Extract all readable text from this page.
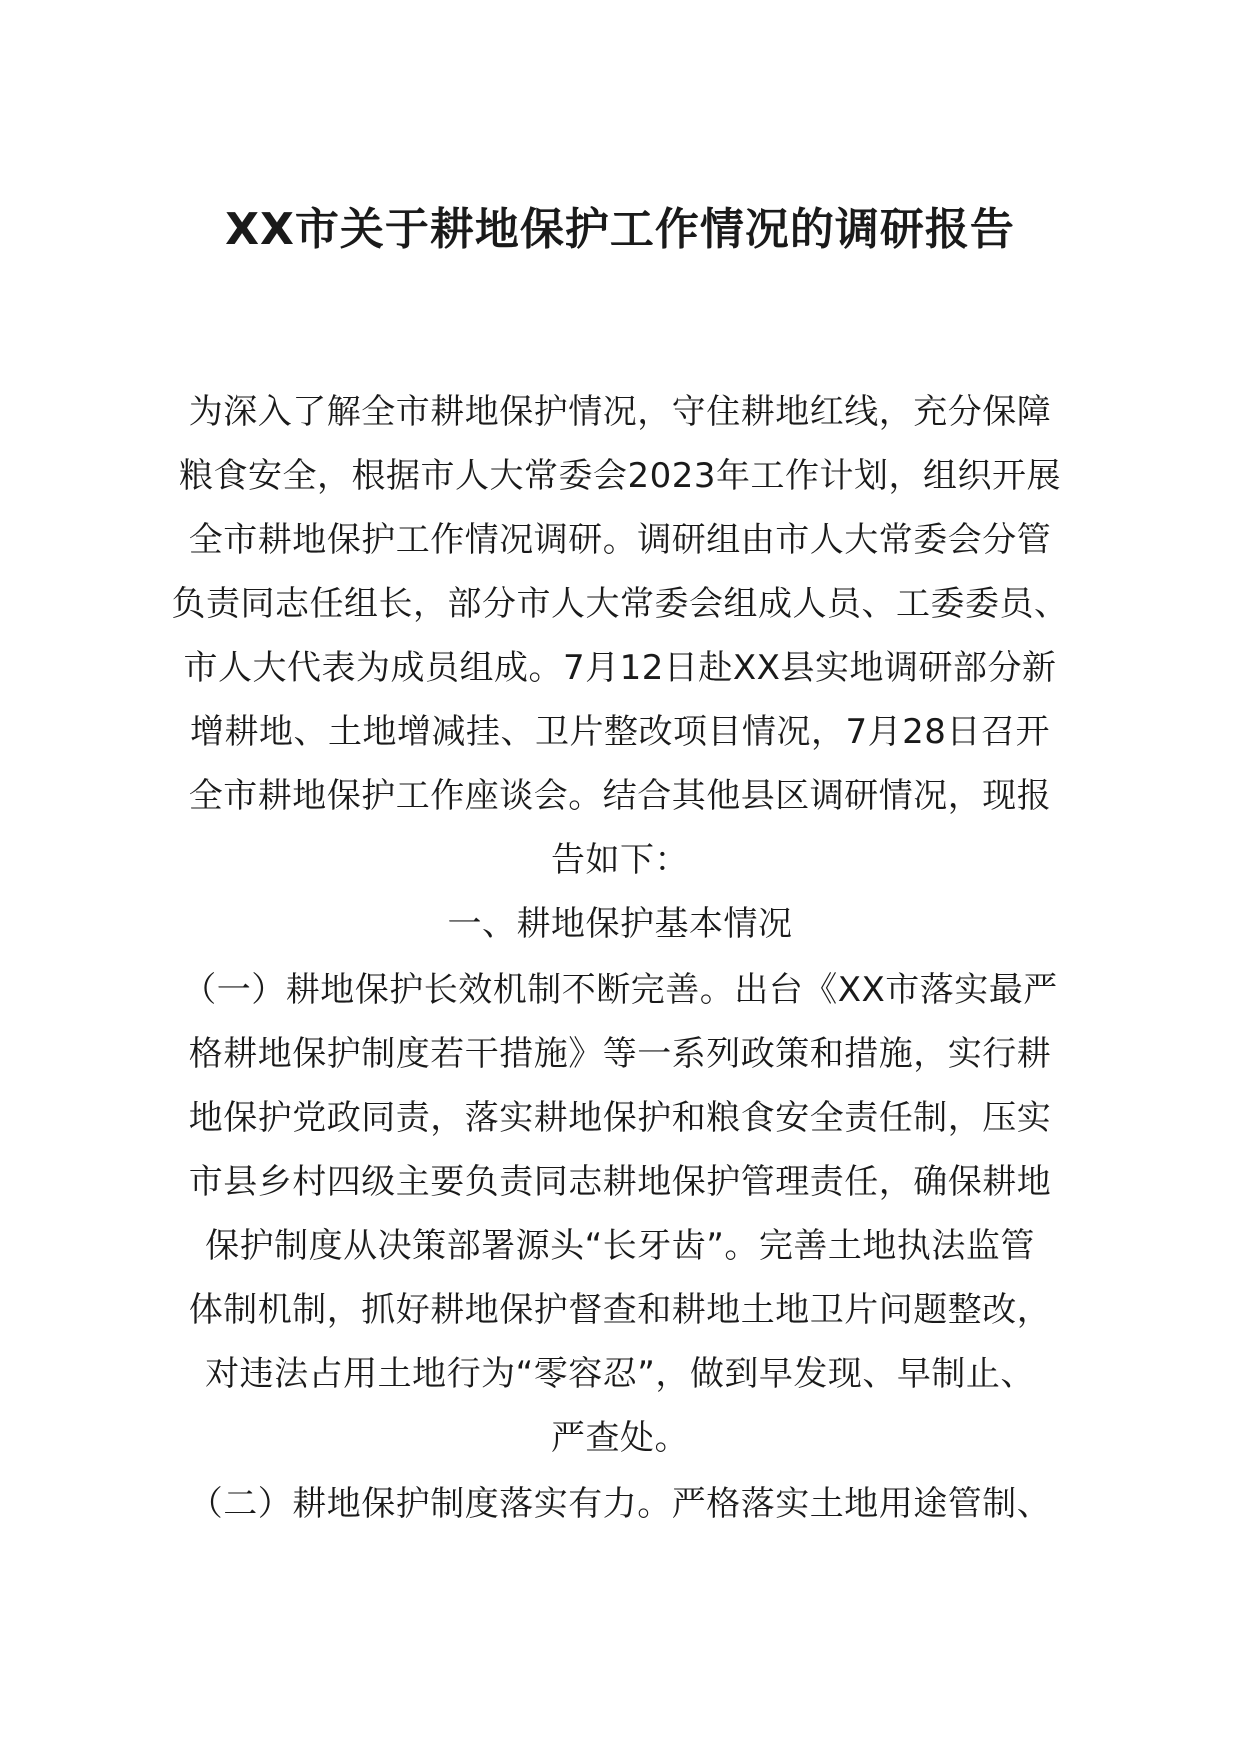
XX市关于耕地保护工作情况的调研报告
为深入了解全市耕地保护情况，守住耕地红线，充分保障
粮食安全，根据市人大常委会2023年工作计划，组织开展
全市耕地保护工作情况调研。调研组由市人大常委会分管
负责同志任组长，部分市人大常委会组成人员、工委委员、
市人大代表为成员组成。7月12日赴XX县实地调研部分新
增耕地、土地增减挂、卫片整改项目情况，7月28日召开
全市耕地保护工作座谈会。结合其他县区调研情况，现报
告如下：
一、耕地保护基本情况
（一）耕地保护长效机制不断完善。出台《XX市落实最严
格耕地保护制度若干措施》等一系列政策和措施，实行耕
地保护党政同责，落实耕地保护和粮食安全责任制，压实
市县乡村四级主要负责同志耕地保护管理责任，确保耕地
保护制度从决策部署源头“长牙齿”。完善土地执法监管
体制机制，抓好耕地保护督查和耕地土地卫片问题整改，
对违法占用土地行为“零容忍”，做到早发现、早制止、
严查处。
（二）耕地保护制度落实有力。严格落实土地用途管制、
